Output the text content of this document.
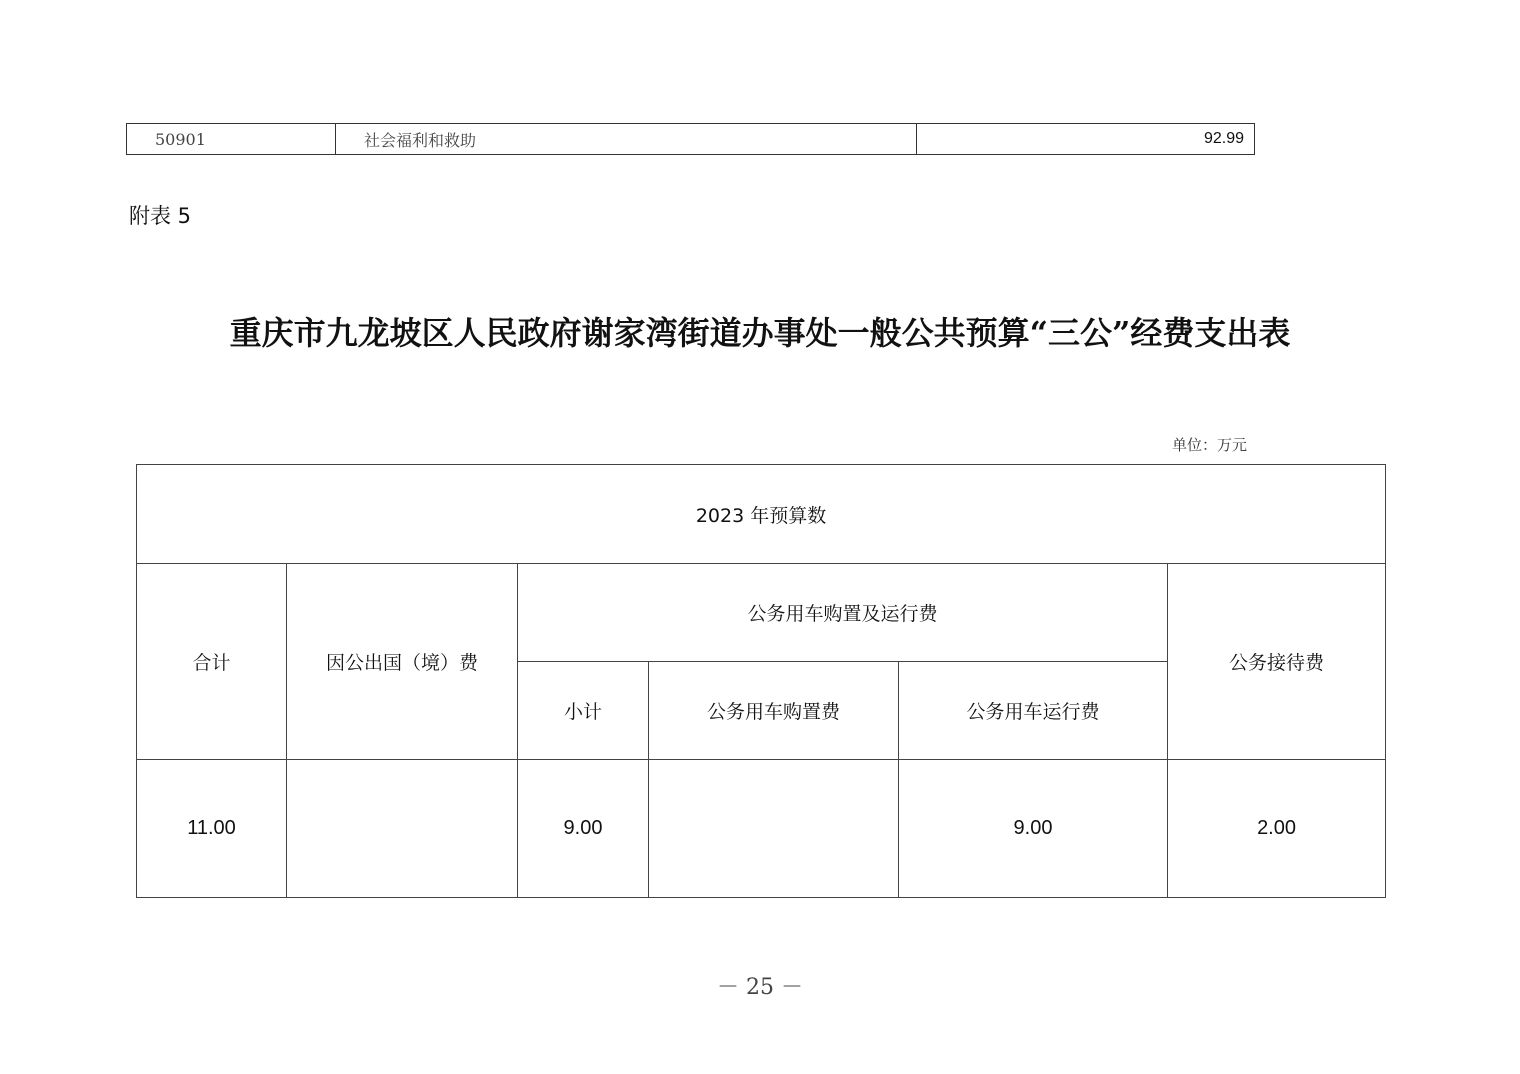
50901	社会福利和救助	92.99
附表 5
重庆市九龙坡区人民政府谢家湾街道办事处一般公共预算“三公”经费支出表
单位：万元
2023 年预算数					
合计	因公出国（境）费	公务用车购置及运行费			公务接待费
		小计	公务用车购置费	公务用车运行费	
11.00		9.00		9.00	2.00
－ 25 －
